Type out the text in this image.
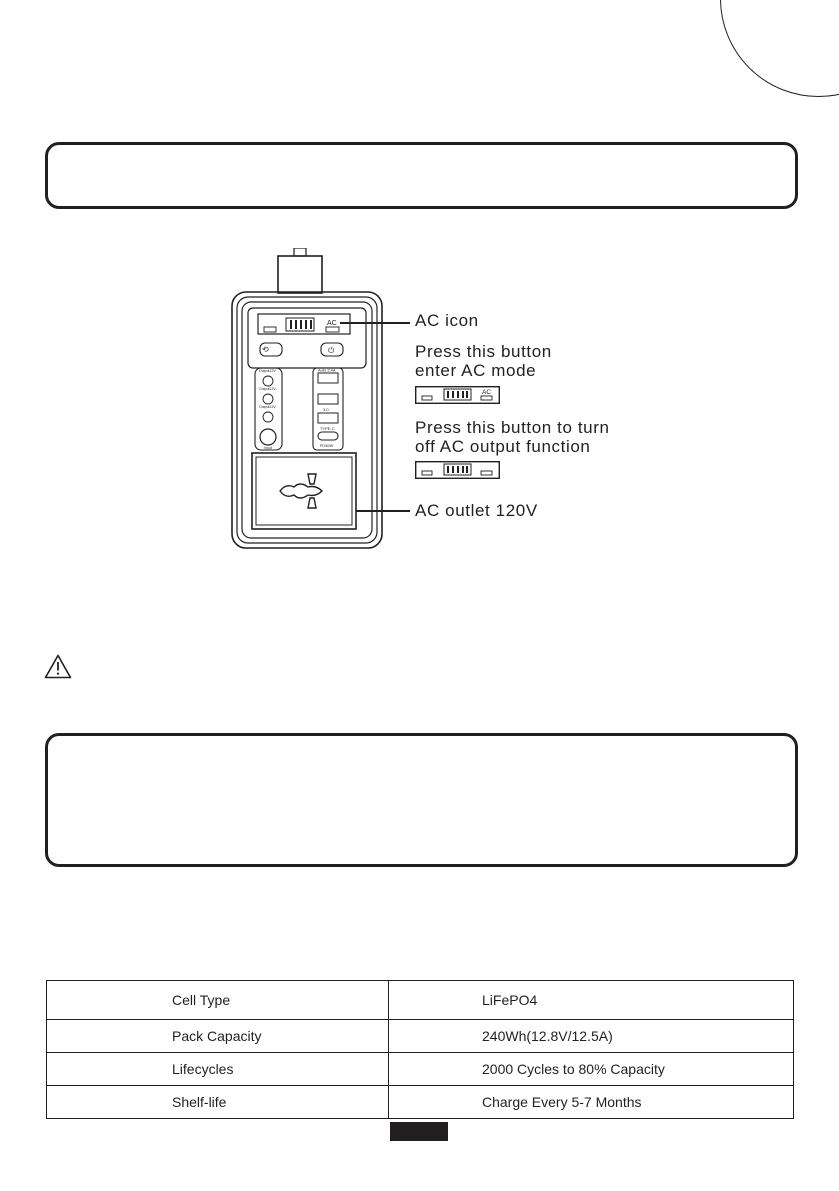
AC
⟲	⏻
Output12V
Output12V
Output12V
Input
Auto 2.4A
3.0
TYPE-C
PD/60W
AC icon
Press this button
enter AC mode
Press this button to turn
off AC output function
AC outlet 120V
AC
Cell Type	LiFePO4
Pack Capacity	240Wh(12.8V/12.5A)
Lifecycles	2000 Cycles to 80% Capacity
Shelf-life	Charge Every 5-7 Months
